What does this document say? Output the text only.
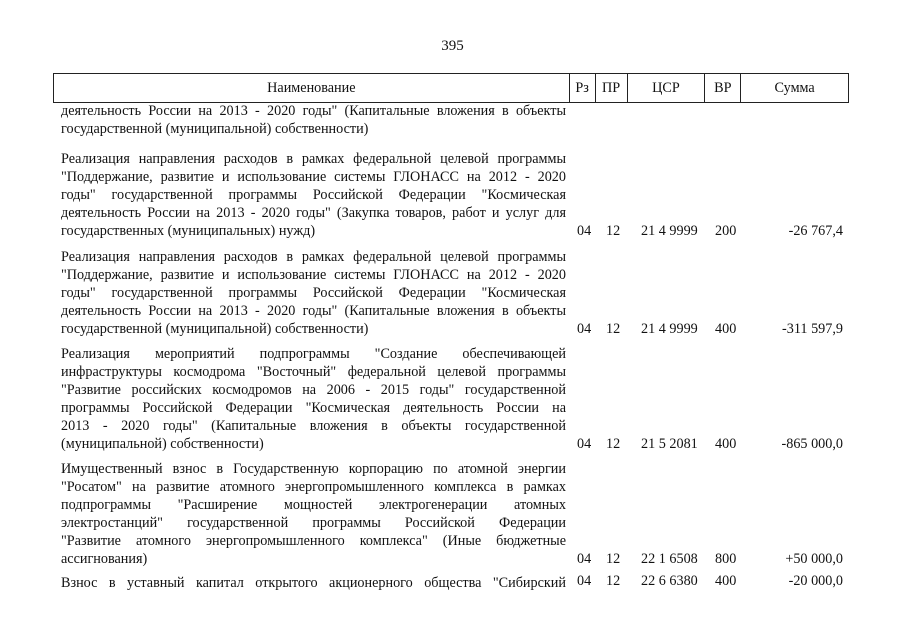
395
Наименование	Рз ПР	ЦСР	ВР	Сумма
деятельность России на 2013 - 2020 годы" (Капитальные вложения в объекты
государственной (муниципальной) собственности)
Реализация направления расходов в рамках федеральной целевой программы
"Поддержание, развитие и использование системы ГЛОНАСС на 2012 - 2020
годы" государственной программы Российской Федерации "Космическая
деятельность России на 2013 - 2020 годы" (Закупка товаров, работ и услуг для
государственных (муниципальных) нужд)	04 12 21 4 9999 200	-26 767,4
Реализация направления расходов в рамках федеральной целевой программы
"Поддержание, развитие и использование системы ГЛОНАСС на 2012 - 2020
годы" государственной программы Российской Федерации "Космическая
деятельность России на 2013 - 2020 годы" (Капитальные вложения в объекты
государственной (муниципальной) собственности)	04 12 21 4 9999 400	-311 597,9
Реализация мероприятий подпрограммы "Создание обеспечивающей
инфраструктуры космодрома "Восточный" федеральной целевой программы
"Развитие российских космодромов на 2006 - 2015 годы" государственной
программы Российской Федерации "Космическая деятельность России на
2013 - 2020 годы" (Капитальные вложения в объекты государственной
(муниципальной) собственности)	04 12 21 5 2081 400	-865 000,0
Имущественный взнос в Государственную корпорацию по атомной энергии
"Росатом" на развитие атомного энергопромышленного комплекса в рамках
подпрограммы "Расширение мощностей электрогенерации атомных
электростанций" государственной программы Российской Федерации
"Развитие атомного энергопромышленного комплекса" (Иные бюджетные
ассигнования)	04 12 22 1 6508 800	+50 000,0
Взнос в уставный капитал открытого акционерного общества "Сибирский 04 12 22 6 6380 400	-20 000,0
